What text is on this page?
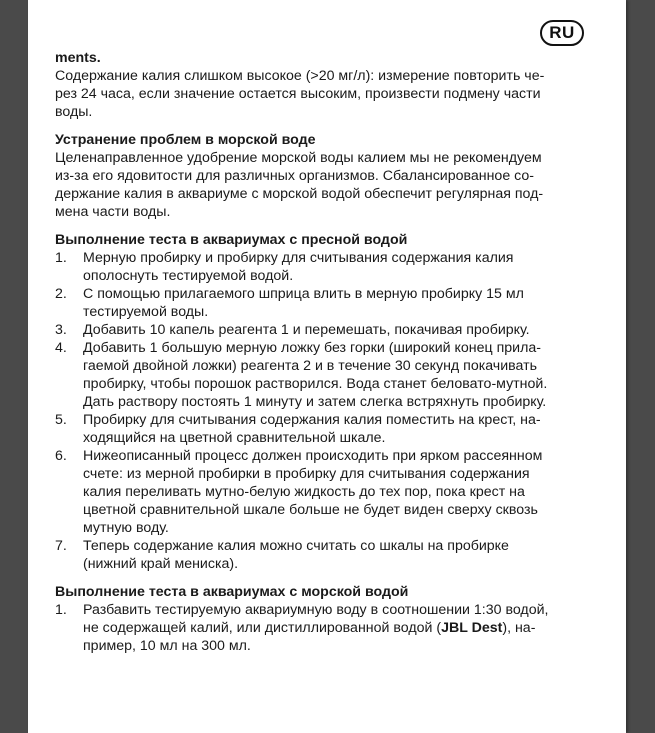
RU
ments.
Содержание калия слишком высокое (>20 мг/л): измерение повторить че-
рез 24 часа, если значение остается высоким, произвести подмену части
воды.
Устранение проблем в морской воде
Целенаправленное удобрение морской воды калием мы не рекомендуем
из-за его ядовитости для различных организмов. Сбалансированное со-
держание калия в аквариуме с морской водой обеспечит регулярная под-
мена части воды.
Выполнение теста в аквариумах с пресной водой
1. Мерную пробирку и пробирку для считывания содержания калия
ополоснуть тестируемой водой.
2. С помощью прилагаемого шприца влить в мерную пробирку 15 мл
тестируемой воды.
3. Добавить 10 капель реагента 1 и перемешать, покачивая пробирку.
4. Добавить 1 большую мерную ложку без горки (широкий конец прила-
гаемой двойной ложки) реагента 2 и в течение 30 секунд покачивать
пробирку, чтобы порошок растворился. Вода станет беловато-мутной.
Дать раствору постоять 1 минуту и затем слегка встряхнуть пробирку.
5. Пробирку для считывания содержания калия поместить на крест, на-
ходящийся на цветной сравнительной шкале.
6. Нижеописанный процесс должен происходить при ярком рассеянном
счете: из мерной пробирки в пробирку для считывания содержания
калия переливать мутно-белую жидкость до тех пор, пока крест на
цветной сравнительной шкале больше не будет виден сверху сквозь
мутную воду.
7. Теперь содержание калия можно считать со шкалы на пробирке
(нижний край мениска).
Выполнение теста в аквариумах с морской водой
1. Разбавить тестируемую аквариумную воду в соотношении 1:30 водой,
не содержащей калий, или дистиллированной водой (JBL Dest), на-
пример, 10 мл на 300 мл.
